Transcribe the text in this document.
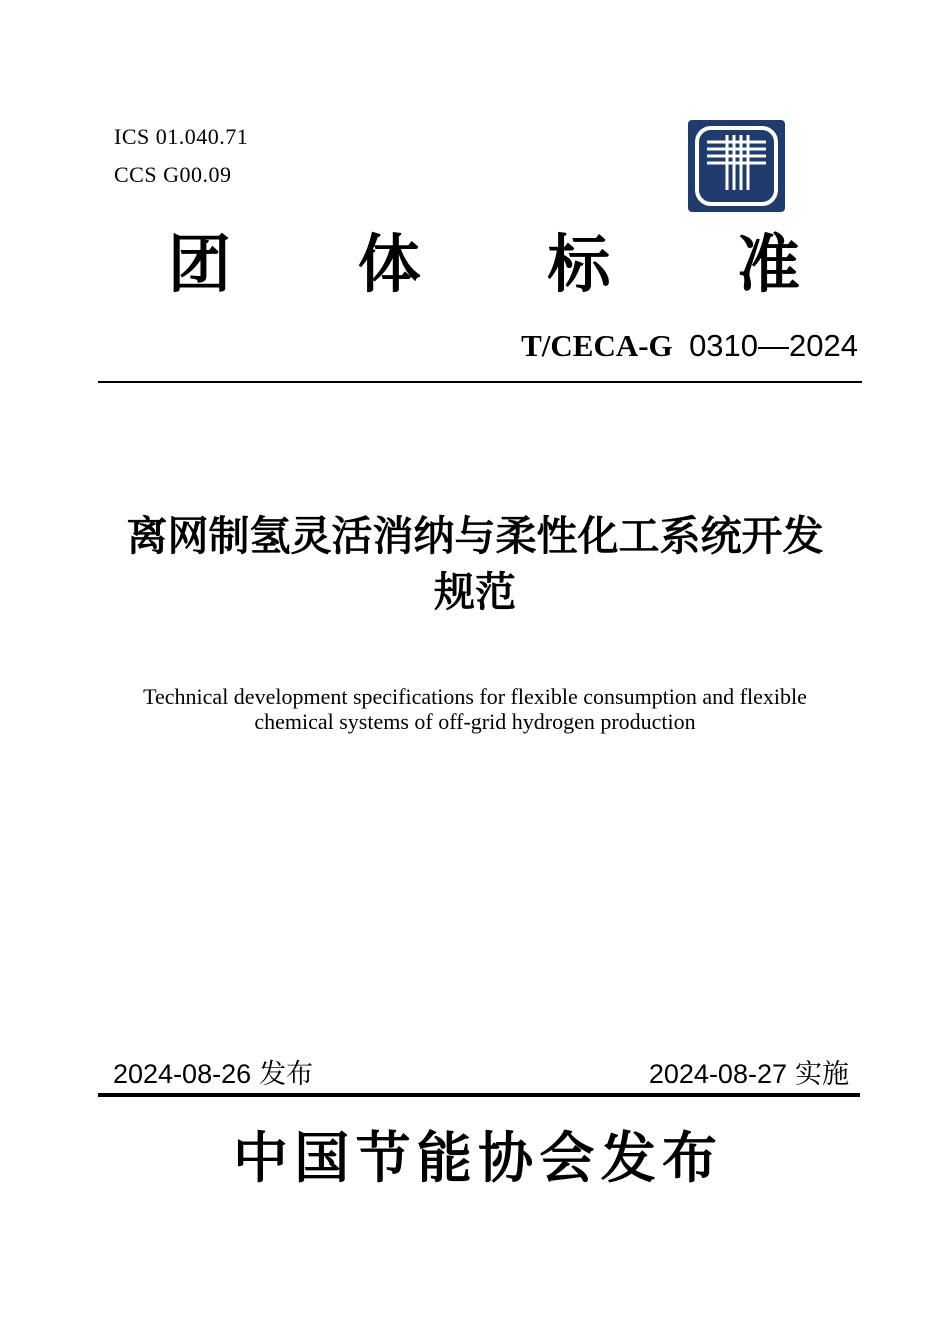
ICS 01.040.71
CCS G00.09
团 体 标 准
T/CECA-G 0310—2024
离网制氢灵活消纳与柔性化工系统开发
规范
Technical development specifications for flexible consumption and flexible
chemical systems of off-grid hydrogen production
2024-08-26 发布	2024-08-27 实施
中 国 节 能 协 会 发 布
